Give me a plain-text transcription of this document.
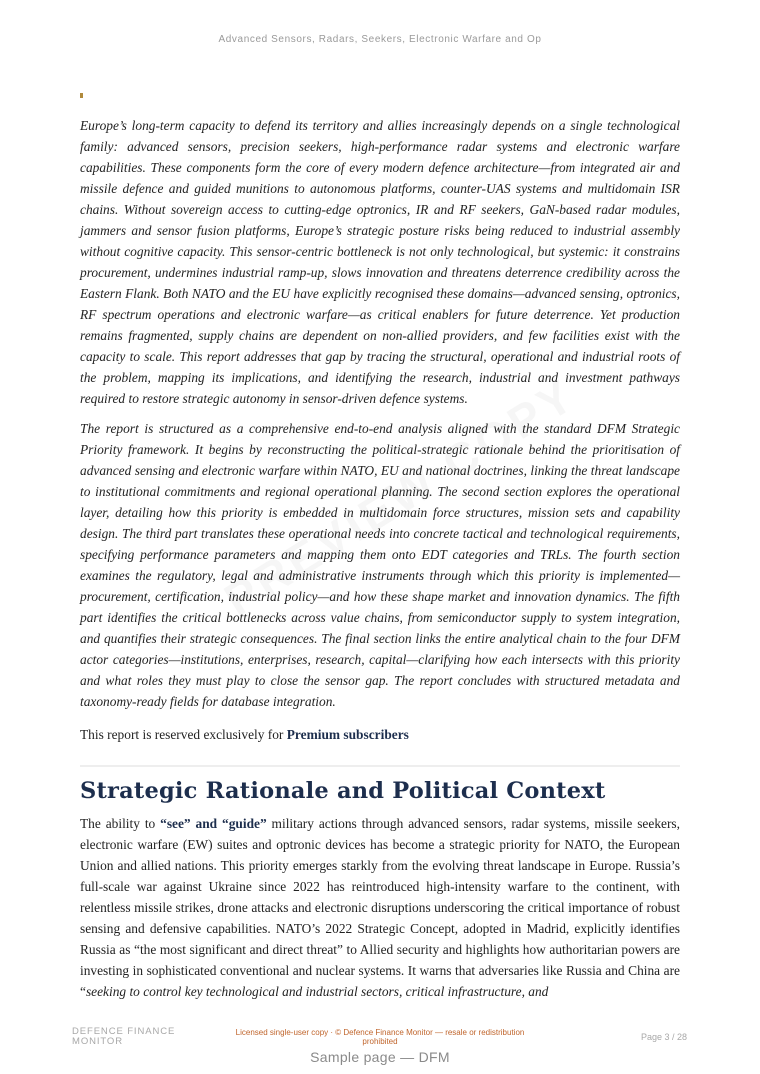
Advanced Sensors, Radars, Seekers, Electronic Warfare and Op

Europe’s long-term capacity to defend its territory and allies increasingly depends on a single technological family: advanced sensors, precision seekers, high-performance radar systems and electronic warfare capabilities. These components form the core of every modern defence architecture—from integrated air and missile defence and guided munitions to autonomous platforms, counter-UAS systems and multidomain ISR chains. Without sovereign access to cutting-edge optronics, IR and RF seekers, GaN-based radar modules, jammers and sensor fusion platforms, Europe’s strategic posture risks being reduced to industrial assembly without cognitive capacity. This sensor-centric bottleneck is not only technological, but systemic: it constrains procurement, undermines industrial ramp-up, slows innovation and threatens deterrence credibility across the Eastern Flank. Both NATO and the EU have explicitly recognised these domains—advanced sensing, optronics, RF spectrum operations and electronic warfare—as critical enablers for future deterrence. Yet production remains fragmented, supply chains are dependent on non-allied providers, and few facilities exist with the capacity to scale. This report addresses that gap by tracing the structural, operational and industrial roots of the problem, mapping its implications, and identifying the research, industrial and investment pathways required to restore strategic autonomy in sensor-driven defence systems.

The report is structured as a comprehensive end-to-end analysis aligned with the standard DFM Strategic Priority framework. It begins by reconstructing the political-strategic rationale behind the prioritisation of advanced sensing and electronic warfare within NATO, EU and national doctrines, linking the threat landscape to institutional commitments and regional operational planning. The second section explores the operational layer, detailing how this priority is embedded in multidomain force structures, mission sets and capability design. The third part translates these operational needs into concrete tactical and technological requirements, specifying performance parameters and mapping them onto EDT categories and TRLs. The fourth section examines the regulatory, legal and administrative instruments through which this priority is implemented—procurement, certification, industrial policy—and how these shape market and innovation dynamics. The fifth part identifies the critical bottlenecks across value chains, from semiconductor supply to system integration, and quantifies their strategic consequences. The final section links the entire analytical chain to the four DFM actor categories—institutions, enterprises, research, capital—clarifying how each intersects with this priority and what roles they must play to close the sensor gap. The report concludes with structured metadata and taxonomy-ready fields for database integration.

This report is reserved exclusively for Premium subscribers

Strategic Rationale and Political Context

The ability to “see” and “guide” military actions through advanced sensors, radar systems, missile seekers, electronic warfare (EW) suites and optronic devices has become a strategic priority for NATO, the European Union and allied nations. This priority emerges starkly from the evolving threat landscape in Europe. Russia’s full-scale war against Ukraine since 2022 has reintroduced high-intensity warfare to the continent, with relentless missile strikes, drone attacks and electronic disruptions underscoring the critical importance of robust sensing and defensive capabilities. NATO’s 2022 Strategic Concept, adopted in Madrid, explicitly identifies Russia as “the most significant and direct threat” to Allied security and highlights how authoritarian powers are investing in sophisticated conventional and nuclear systems. It warns that adversaries like Russia and China are “seeking to control key technological and industrial sectors, critical infrastructure, and

DEFENCE FINANCE
MONITOR
Licensed single-user copy · © Defence Finance Monitor — resale or redistribution prohibited	Page 3 / 28
Sample page — DFM
